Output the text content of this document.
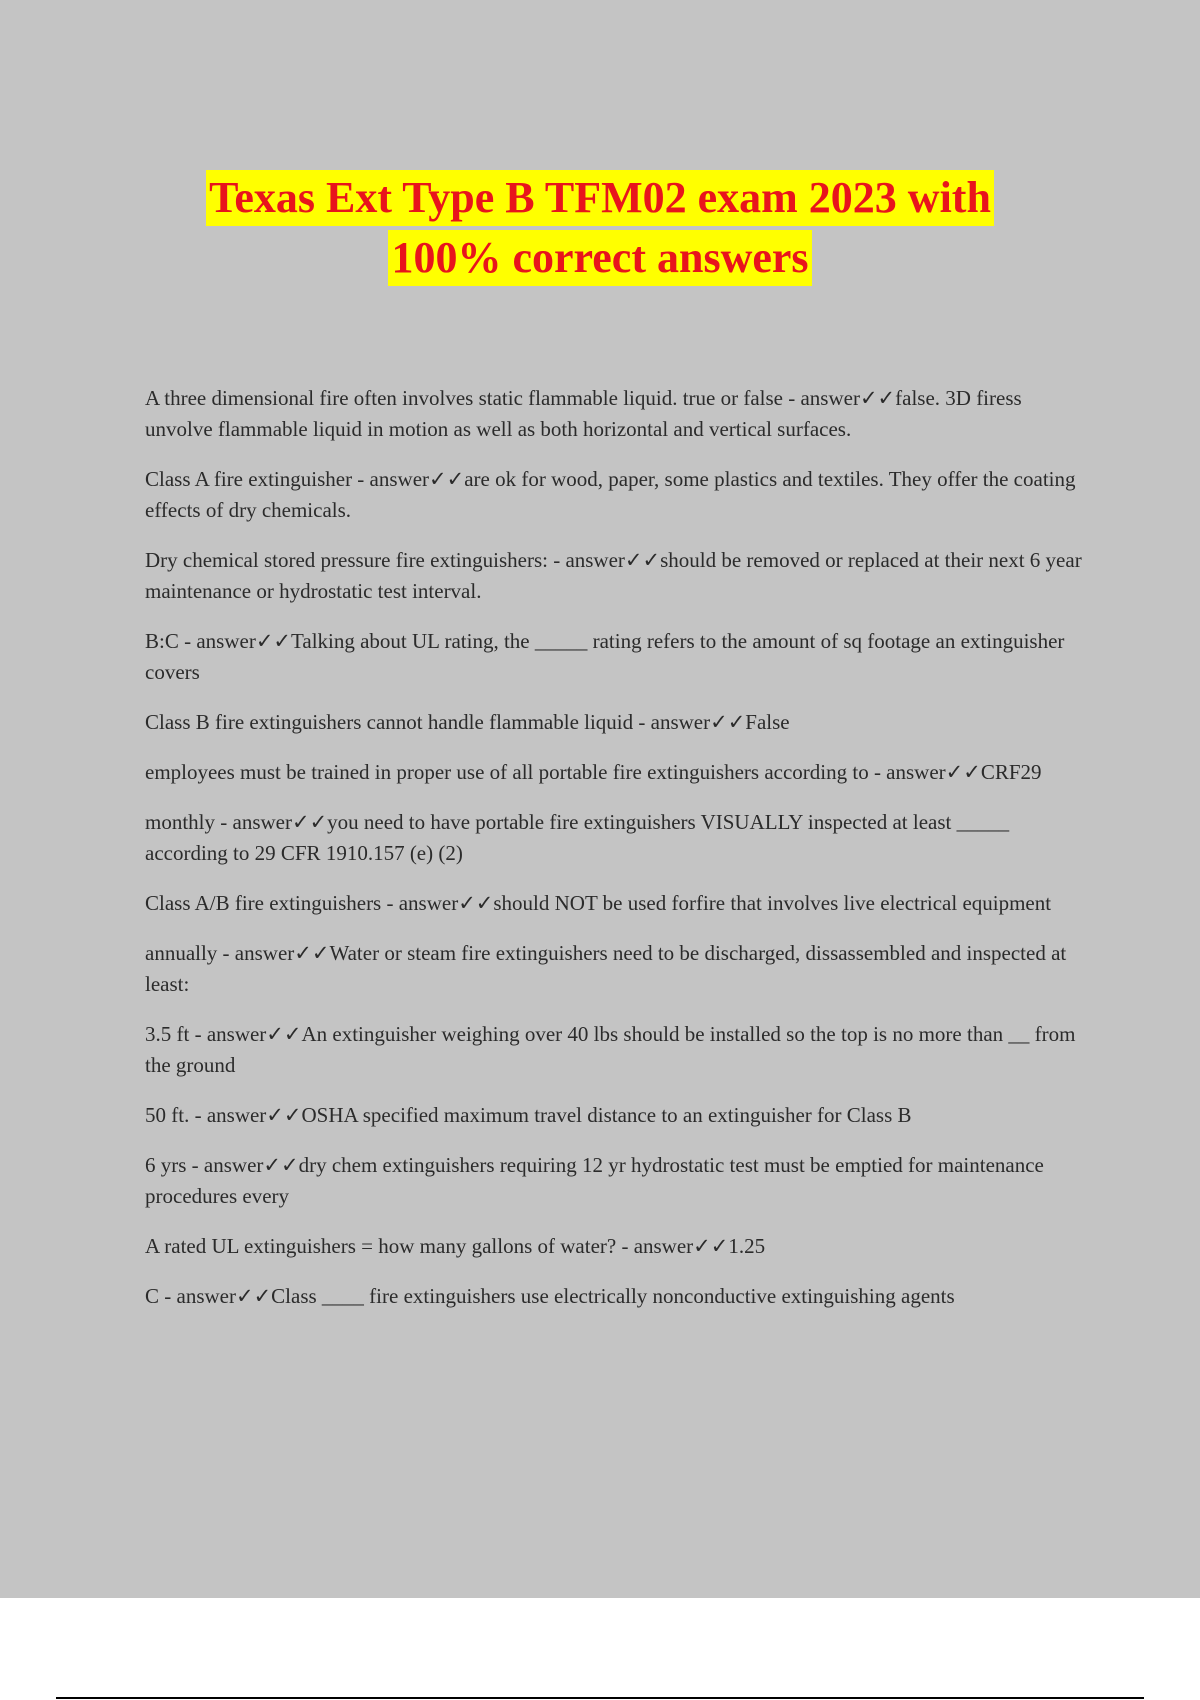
Texas Ext Type B TFM02 exam 2023 with
100% correct answers
A three dimensional fire often involves static flammable liquid. true or false - answer✓✓false. 3D firess unvolve flammable liquid in motion as well as both horizontal and vertical surfaces.
Class A fire extinguisher - answer✓✓are ok for wood, paper, some plastics and textiles. They offer the coating effects of dry chemicals.
Dry chemical stored pressure fire extinguishers: - answer✓✓should be removed or replaced at their next 6 year maintenance or hydrostatic test interval.
B:C - answer✓✓Talking about UL rating, the _____ rating refers to the amount of sq footage an extinguisher covers
Class B fire extinguishers cannot handle flammable liquid - answer✓✓False
employees must be trained in proper use of all portable fire extinguishers according to - answer✓✓CRF29
monthly - answer✓✓you need to have portable fire extinguishers VISUALLY inspected at least _____ according to 29 CFR 1910.157 (e) (2)
Class A/B fire extinguishers - answer✓✓should NOT be used forfire that involves live electrical equipment
annually - answer✓✓Water or steam fire extinguishers need to be discharged, dissassembled and inspected at least:
3.5 ft - answer✓✓An extinguisher weighing over 40 lbs should be installed so the top is no more than __ from the ground
50 ft. - answer✓✓OSHA specified maximum travel distance to an extinguisher for Class B
6 yrs - answer✓✓dry chem extinguishers requiring 12 yr hydrostatic test must be emptied for maintenance procedures every
A rated UL extinguishers = how many gallons of water? - answer✓✓1.25
C - answer✓✓Class ____ fire extinguishers use electrically nonconductive extinguishing agents
